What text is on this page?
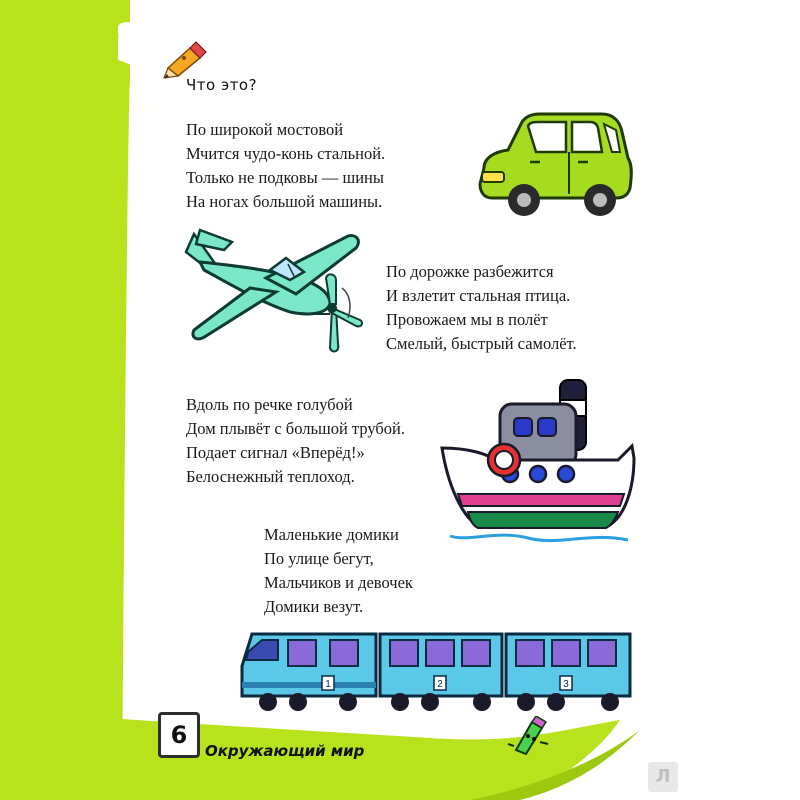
Что это?
По широкой мостовой
Мчится чудо-конь стальной.
Только не подковы — шины
На ногах большой машины.
По дорожке разбежится
И взлетит стальная птица.
Провожаем мы в полёт
Смелый, быстрый самолёт.
Вдоль по речке голубой
Дом плывёт с большой трубой.
Подает сигнал «Вперёд!»
Белоснежный теплоход.
Маленькие домики
По улице бегут,
Мальчиков и девочек
Домики везут.
1	2	3
6
Окружающий мир
Л
